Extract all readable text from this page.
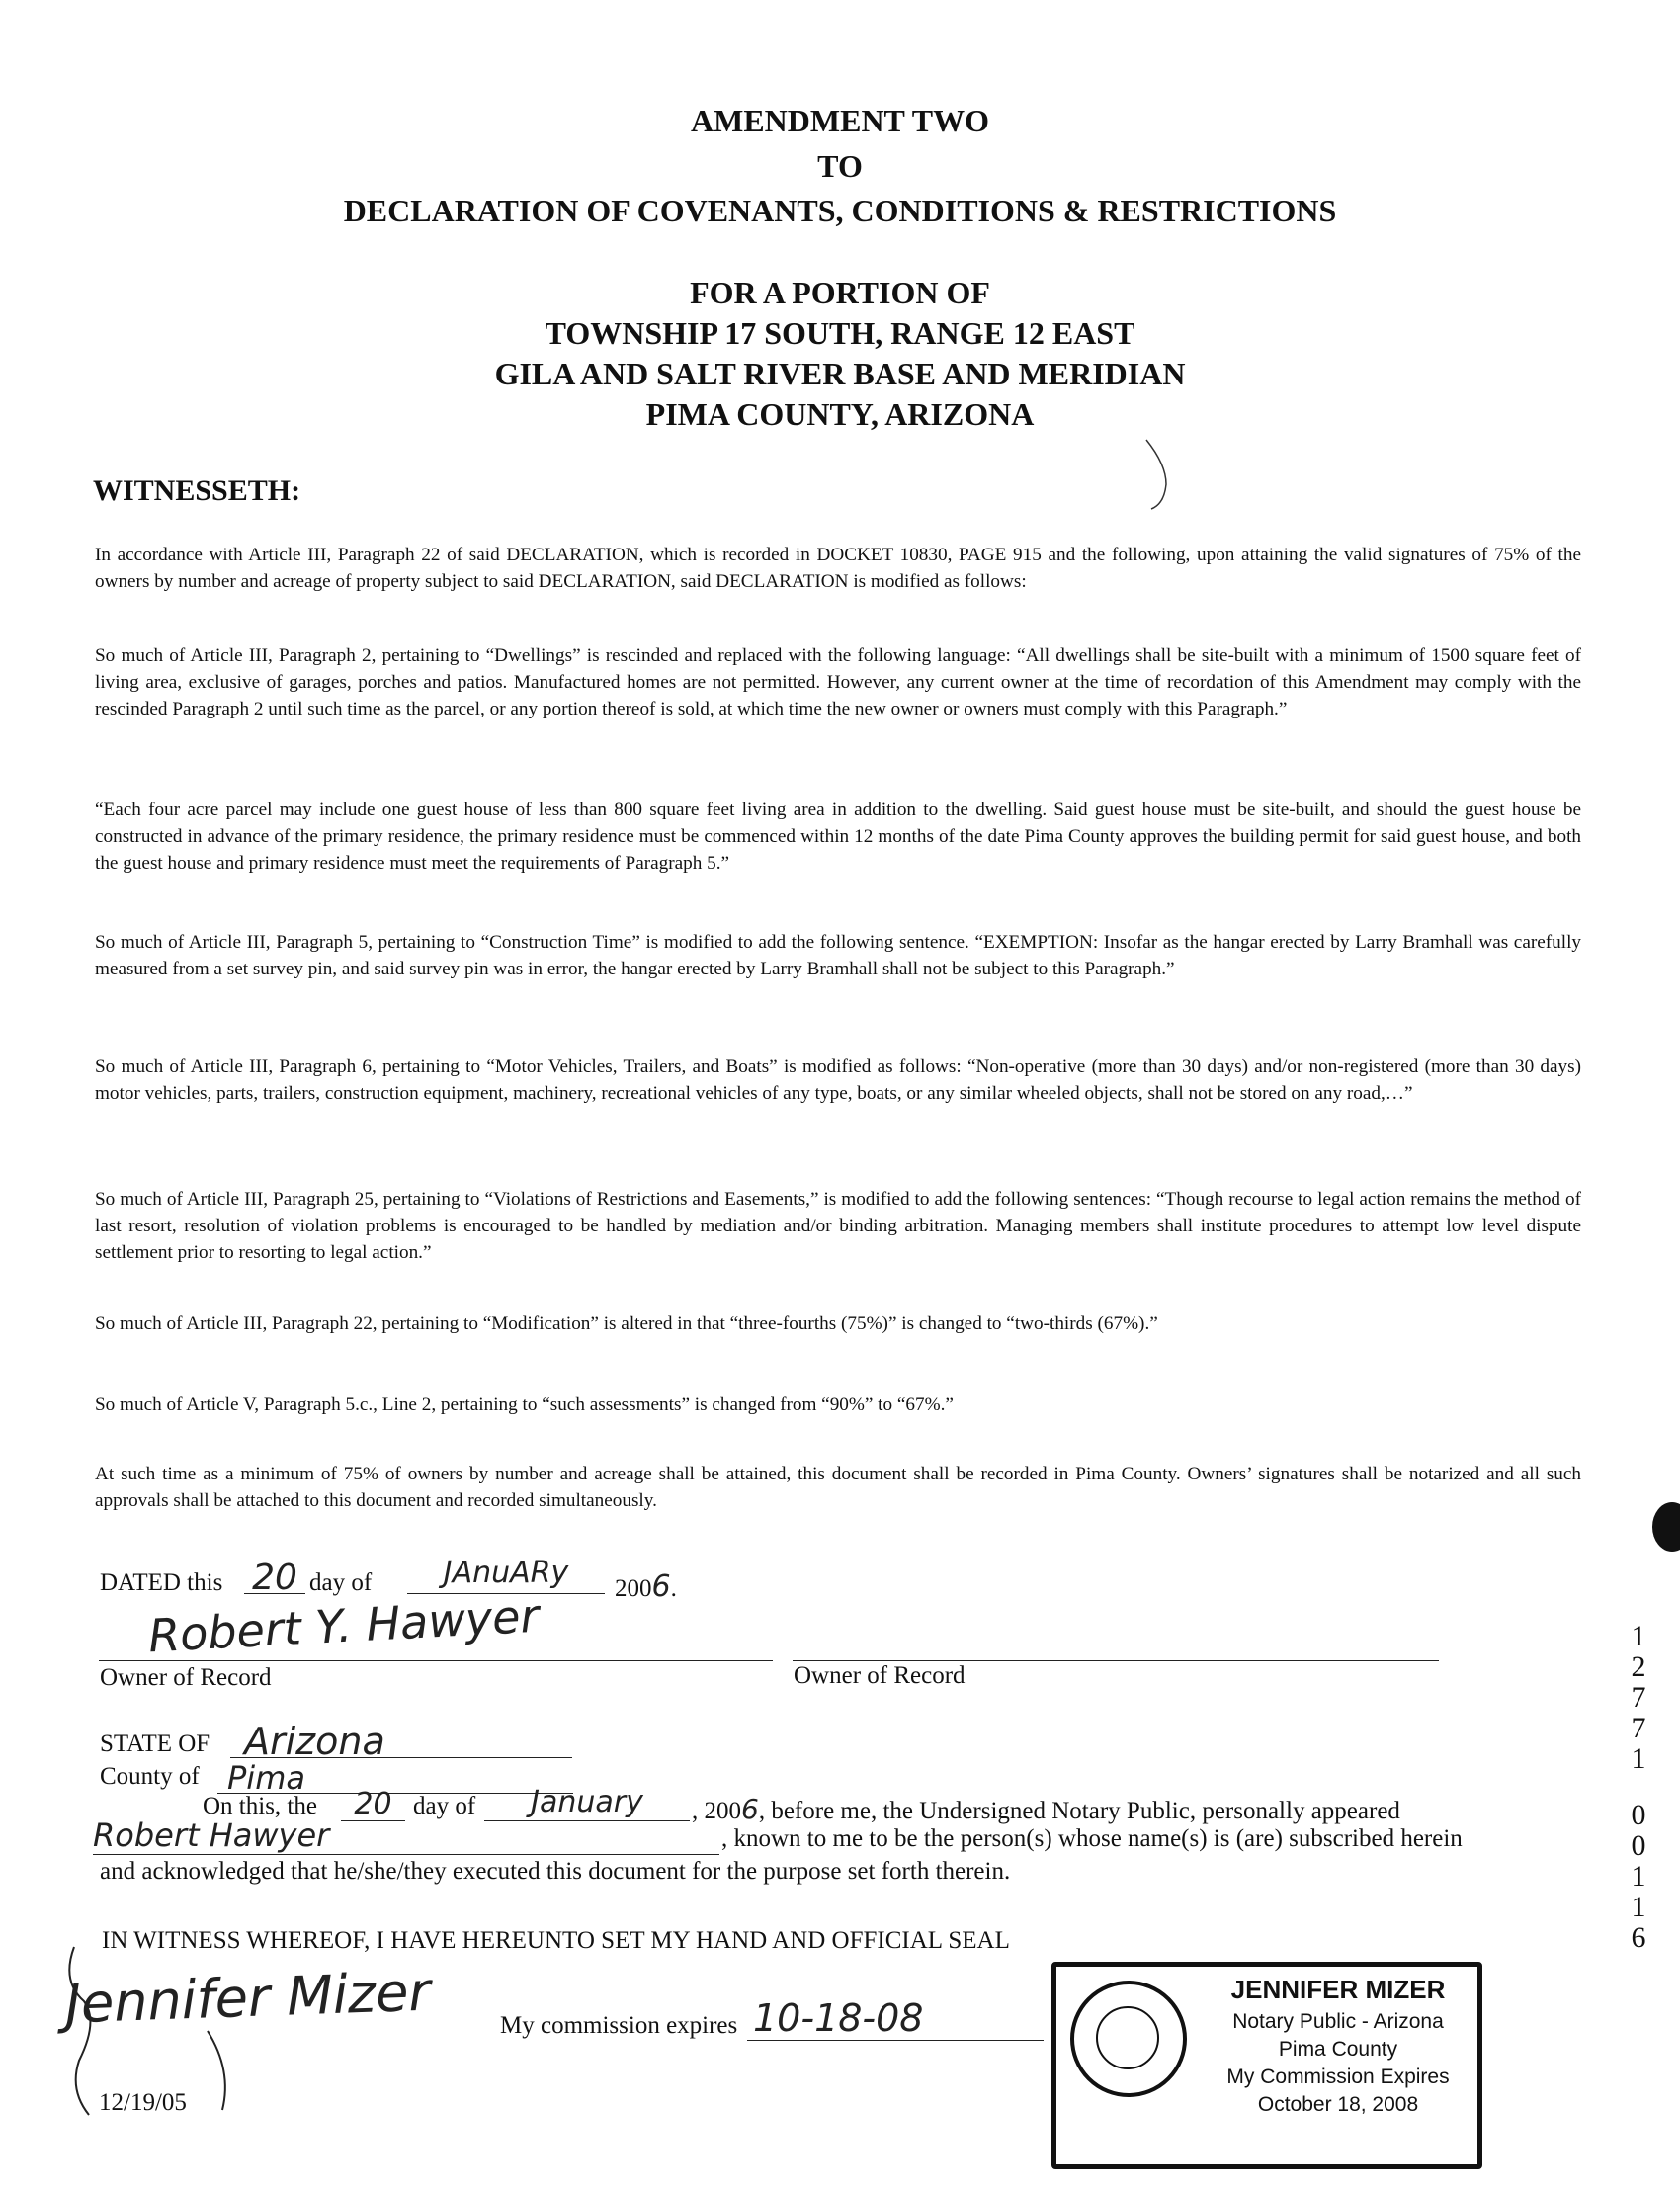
AMENDMENT TWO
TO
DECLARATION OF COVENANTS, CONDITIONS & RESTRICTIONS
FOR A PORTION OF
TOWNSHIP 17 SOUTH, RANGE 12 EAST
GILA AND SALT RIVER BASE AND MERIDIAN
PIMA COUNTY, ARIZONA
WITNESSETH:
In accordance with Article III, Paragraph 22 of said DECLARATION, which is recorded in DOCKET 10830, PAGE 915 and the following, upon attaining the valid signatures of 75% of the owners by number and acreage of property subject to said DECLARATION, said DECLARATION is modified as follows:
So much of Article III, Paragraph 2, pertaining to “Dwellings” is rescinded and replaced with the following language: “All dwellings shall be site-built with a minimum of 1500 square feet of living area, exclusive of garages, porches and patios. Manufactured homes are not permitted. However, any current owner at the time of recordation of this Amendment may comply with the rescinded Paragraph 2 until such time as the parcel, or any portion thereof is sold, at which time the new owner or owners must comply with this Paragraph.”
“Each four acre parcel may include one guest house of less than 800 square feet living area in addition to the dwelling. Said guest house must be site-built, and should the guest house be constructed in advance of the primary residence, the primary residence must be commenced within 12 months of the date Pima County approves the building permit for said guest house, and both the guest house and primary residence must meet the requirements of Paragraph 5.”
So much of Article III, Paragraph 5, pertaining to “Construction Time” is modified to add the following sentence. “EXEMPTION: Insofar as the hangar erected by Larry Bramhall was carefully measured from a set survey pin, and said survey pin was in error, the hangar erected by Larry Bramhall shall not be subject to this Paragraph.”
So much of Article III, Paragraph 6, pertaining to “Motor Vehicles, Trailers, and Boats” is modified as follows: “Non-operative (more than 30 days) and/or non-registered (more than 30 days) motor vehicles, parts, trailers, construction equipment, machinery, recreational vehicles of any type, boats, or any similar wheeled objects, shall not be stored on any road,…”
So much of Article III, Paragraph 25, pertaining to “Violations of Restrictions and Easements,” is modified to add the following sentences: “Though recourse to legal action remains the method of last resort, resolution of violation problems is encouraged to be handled by mediation and/or binding arbitration. Managing members shall institute procedures to attempt low level dispute settlement prior to resorting to legal action.”
So much of Article III, Paragraph 22, pertaining to “Modification” is altered in that “three-fourths (75%)” is changed to “two-thirds (67%).”
So much of Article V, Paragraph 5.c., Line 2, pertaining to “such assessments” is changed from “90%” to “67%.”
At such time as a minimum of 75% of owners by number and acreage shall be attained, this document shall be recorded in Pima County. Owners’ signatures shall be notarized and all such approvals shall be attached to this document and recorded simultaneously.
DATED this 20 day of	JAnuARy	2006.
Robert Y. Hawyer
Owner of Record	Owner of Record
STATE OF Arizona
County of Pima
On this, the	20 day of	January	, 2006, before me, the Undersigned Notary Public, personally appeared
Robert Hawyer	, known to me to be the person(s) whose name(s) is (are) subscribed herein
and acknowledged that he/she/they executed this document for the purpose set forth therein.
IN WITNESS WHEREOF, I HAVE HEREUNTO SET MY HAND AND OFFICIAL SEAL
Jennifer Mizer	My commission expires 10-18-08
12/19/05
JENNIFER MIZER
Notary Public - Arizona
Pima County
My Commission Expires
October 18, 2008
1
2
7
7
1
0
0
1
1
6
